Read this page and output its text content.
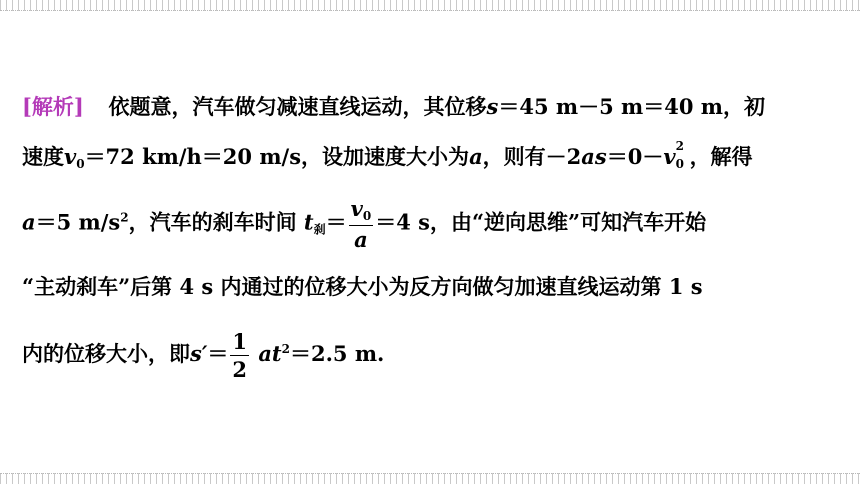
[解析] 依题意，汽车做匀减速直线运动，其位移s＝45 m－5 m＝40 m，初
速度$v_0=72$ km/h＝20 m/s，设加速度大小为a，则有－2as＝0－v 2
0 ，解得
a＝5 $m/s^2$，汽车的刹车时间 $t_刹= \frac{v_0}{a} =4$ s，由“逆向思维”可知汽车开始
“主动刹车”后第 4 s 内通过的位移大小为反方向做匀加速直线运动第 1 s
内的位移大小，即$s'= \frac{1}{2} at^2=2.5$ m.
